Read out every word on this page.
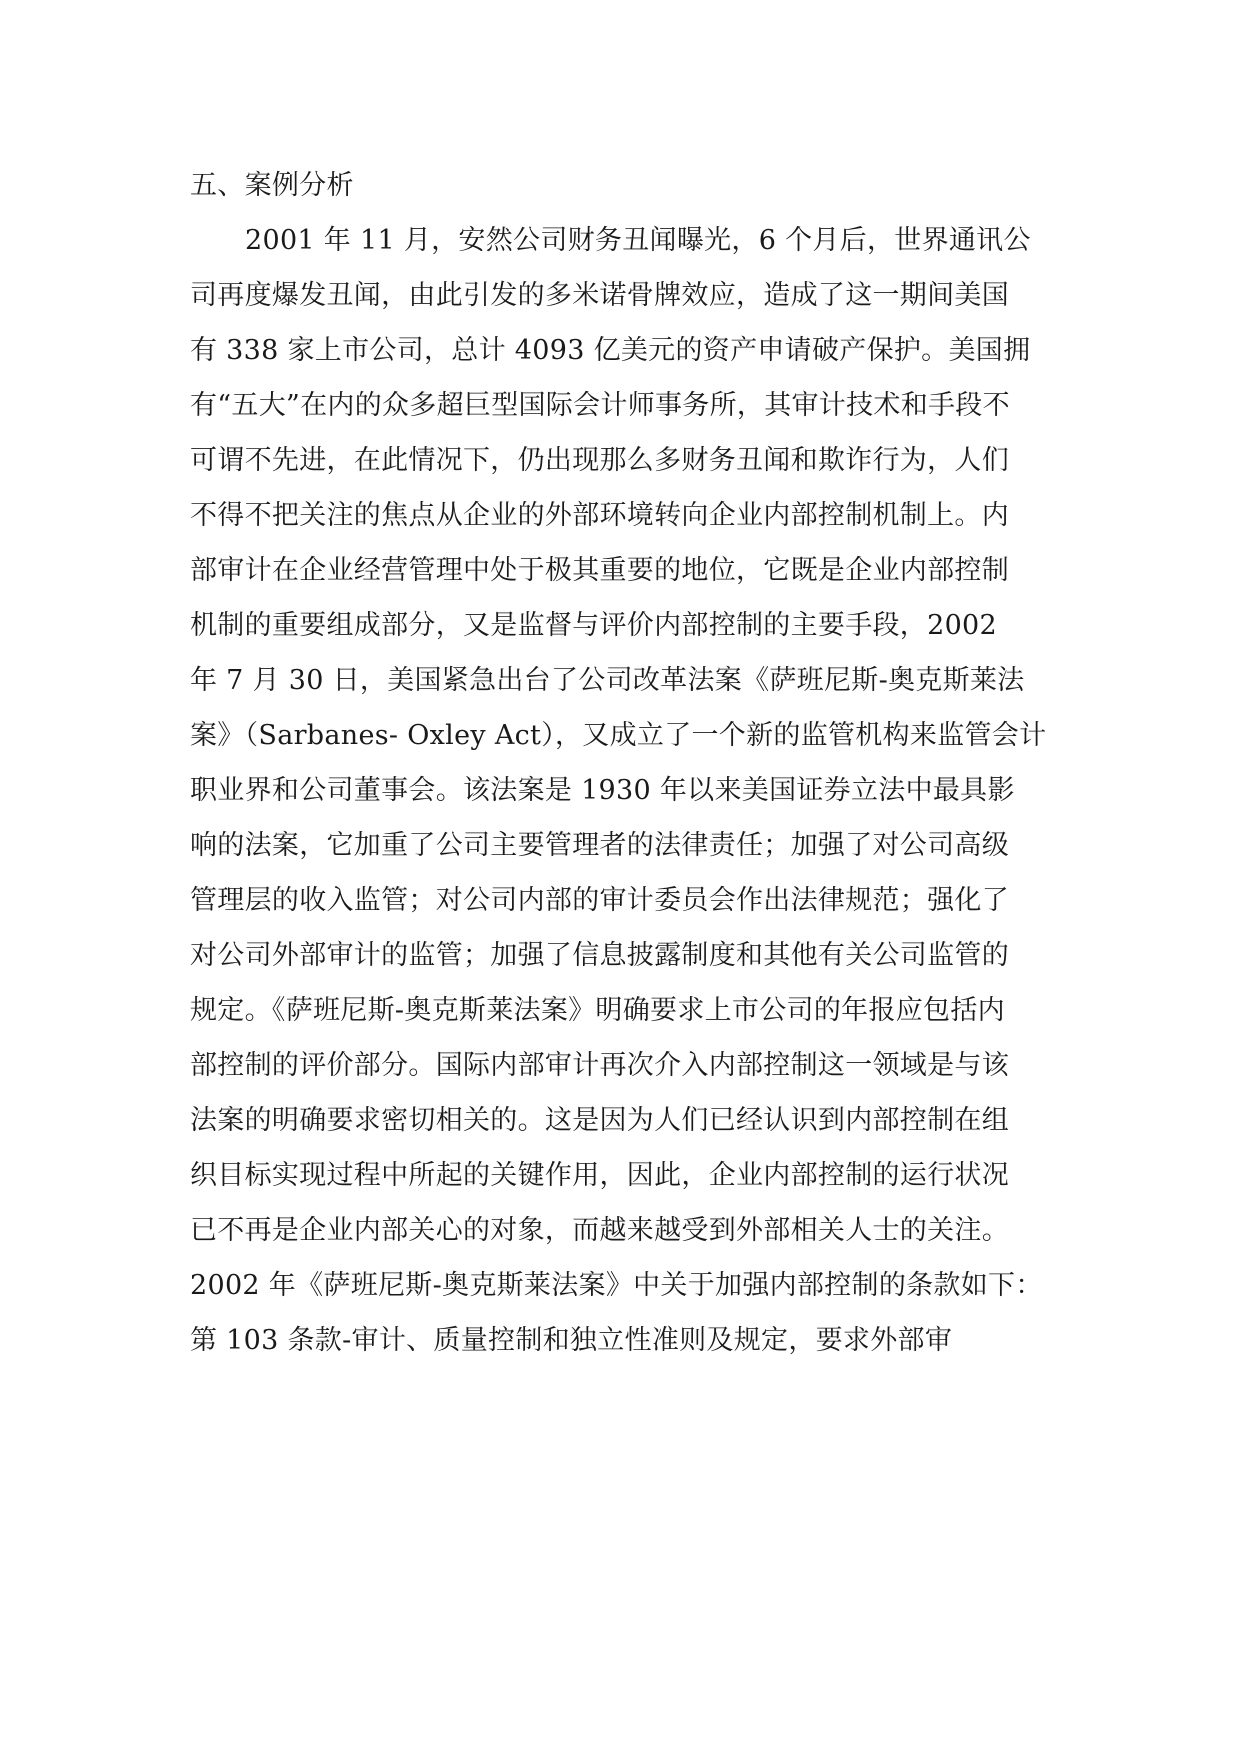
五、案例分析
2001 年 11 月，安然公司财务丑闻曝光，6 个月后，世界通讯公
司再度爆发丑闻，由此引发的多米诺骨牌效应，造成了这一期间美国
有 338 家上市公司，总计 4093 亿美元的资产申请破产保护。美国拥
有“五大”在内的众多超巨型国际会计师事务所，其审计技术和手段不
可谓不先进，在此情况下，仍出现那么多财务丑闻和欺诈行为，人们
不得不把关注的焦点从企业的外部环境转向企业内部控制机制上。内
部审计在企业经营管理中处于极其重要的地位，它既是企业内部控制
机制的重要组成部分，又是监督与评价内部控制的主要手段，2002
年 7 月 30 日，美国紧急出台了公司改革法案《萨班尼斯-奥克斯莱法
案》（Sarbanes- Oxley Act），又成立了一个新的监管机构来监管会计
职业界和公司董事会。该法案是 1930 年以来美国证券立法中最具影
响的法案，它加重了公司主要管理者的法律责任；加强了对公司高级
管理层的收入监管；对公司内部的审计委员会作出法律规范；强化了
对公司外部审计的监管；加强了信息披露制度和其他有关公司监管的
规定。《萨班尼斯-奥克斯莱法案》明确要求上市公司的年报应包括内
部控制的评价部分。国际内部审计再次介入内部控制这一领域是与该
法案的明确要求密切相关的。这是因为人们已经认识到内部控制在组
织目标实现过程中所起的关键作用，因此，企业内部控制的运行状况
已不再是企业内部关心的对象，而越来越受到外部相关人士的关注。
2002 年《萨班尼斯-奥克斯莱法案》中关于加强内部控制的条款如下：
第 103 条款-审计、质量控制和独立性准则及规定，要求外部审
